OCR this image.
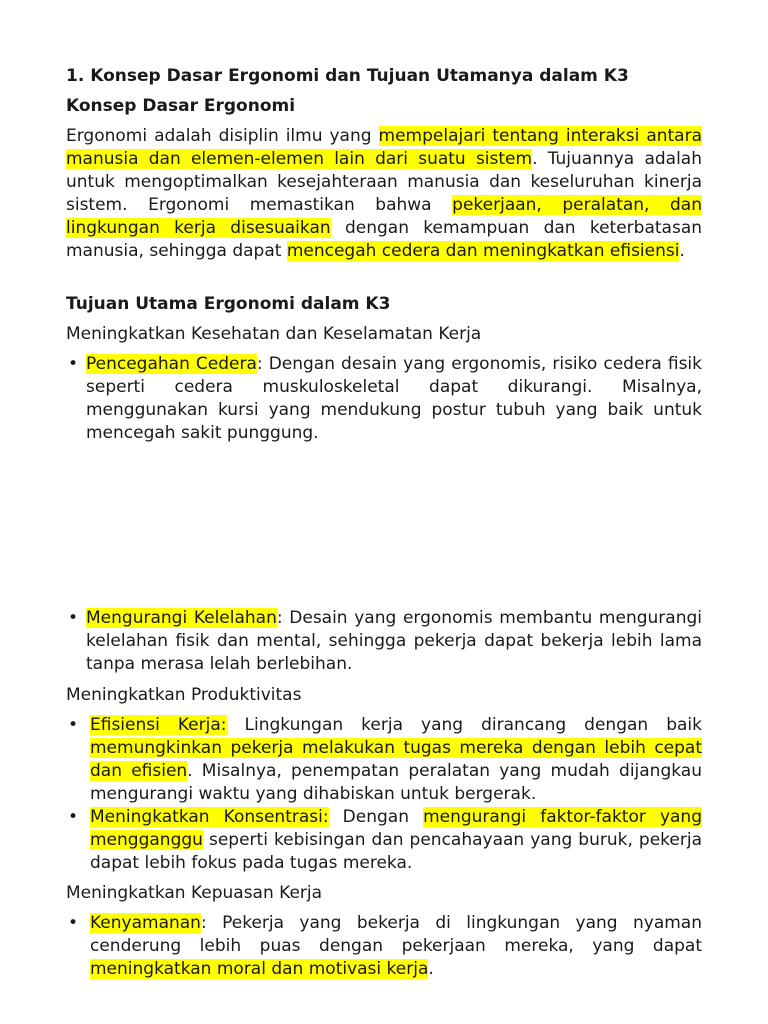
1. Konsep Dasar Ergonomi dan Tujuan Utamanya dalam K3
Konsep Dasar Ergonomi
Ergonomi adalah disiplin ilmu yang mempelajari tentang interaksi antara manusia dan elemen-elemen lain dari suatu sistem. Tujuannya adalah untuk mengoptimalkan kesejahteraan manusia dan keseluruhan kinerja sistem. Ergonomi memastikan bahwa pekerjaan, peralatan, dan lingkungan kerja disesuaikan dengan kemampuan dan keterbatasan manusia, sehingga dapat mencegah cedera dan meningkatkan efisiensi.
Tujuan Utama Ergonomi dalam K3
Meningkatkan Kesehatan dan Keselamatan Kerja
• Pencegahan Cedera: Dengan desain yang ergonomis, risiko cedera fisik seperti cedera muskuloskeletal dapat dikurangi. Misalnya, menggunakan kursi yang mendukung postur tubuh yang baik untuk mencegah sakit punggung.
• Mengurangi Kelelahan: Desain yang ergonomis membantu mengurangi kelelahan fisik dan mental, sehingga pekerja dapat bekerja lebih lama tanpa merasa lelah berlebihan.
Meningkatkan Produktivitas
• Efisiensi Kerja: Lingkungan kerja yang dirancang dengan baik memungkinkan pekerja melakukan tugas mereka dengan lebih cepat dan efisien. Misalnya, penempatan peralatan yang mudah dijangkau mengurangi waktu yang dihabiskan untuk bergerak.
• Meningkatkan Konsentrasi: Dengan mengurangi faktor-faktor yang mengganggu seperti kebisingan dan pencahayaan yang buruk, pekerja dapat lebih fokus pada tugas mereka.
Meningkatkan Kepuasan Kerja
• Kenyamanan: Pekerja yang bekerja di lingkungan yang nyaman cenderung lebih puas dengan pekerjaan mereka, yang dapat meningkatkan moral dan motivasi kerja.
